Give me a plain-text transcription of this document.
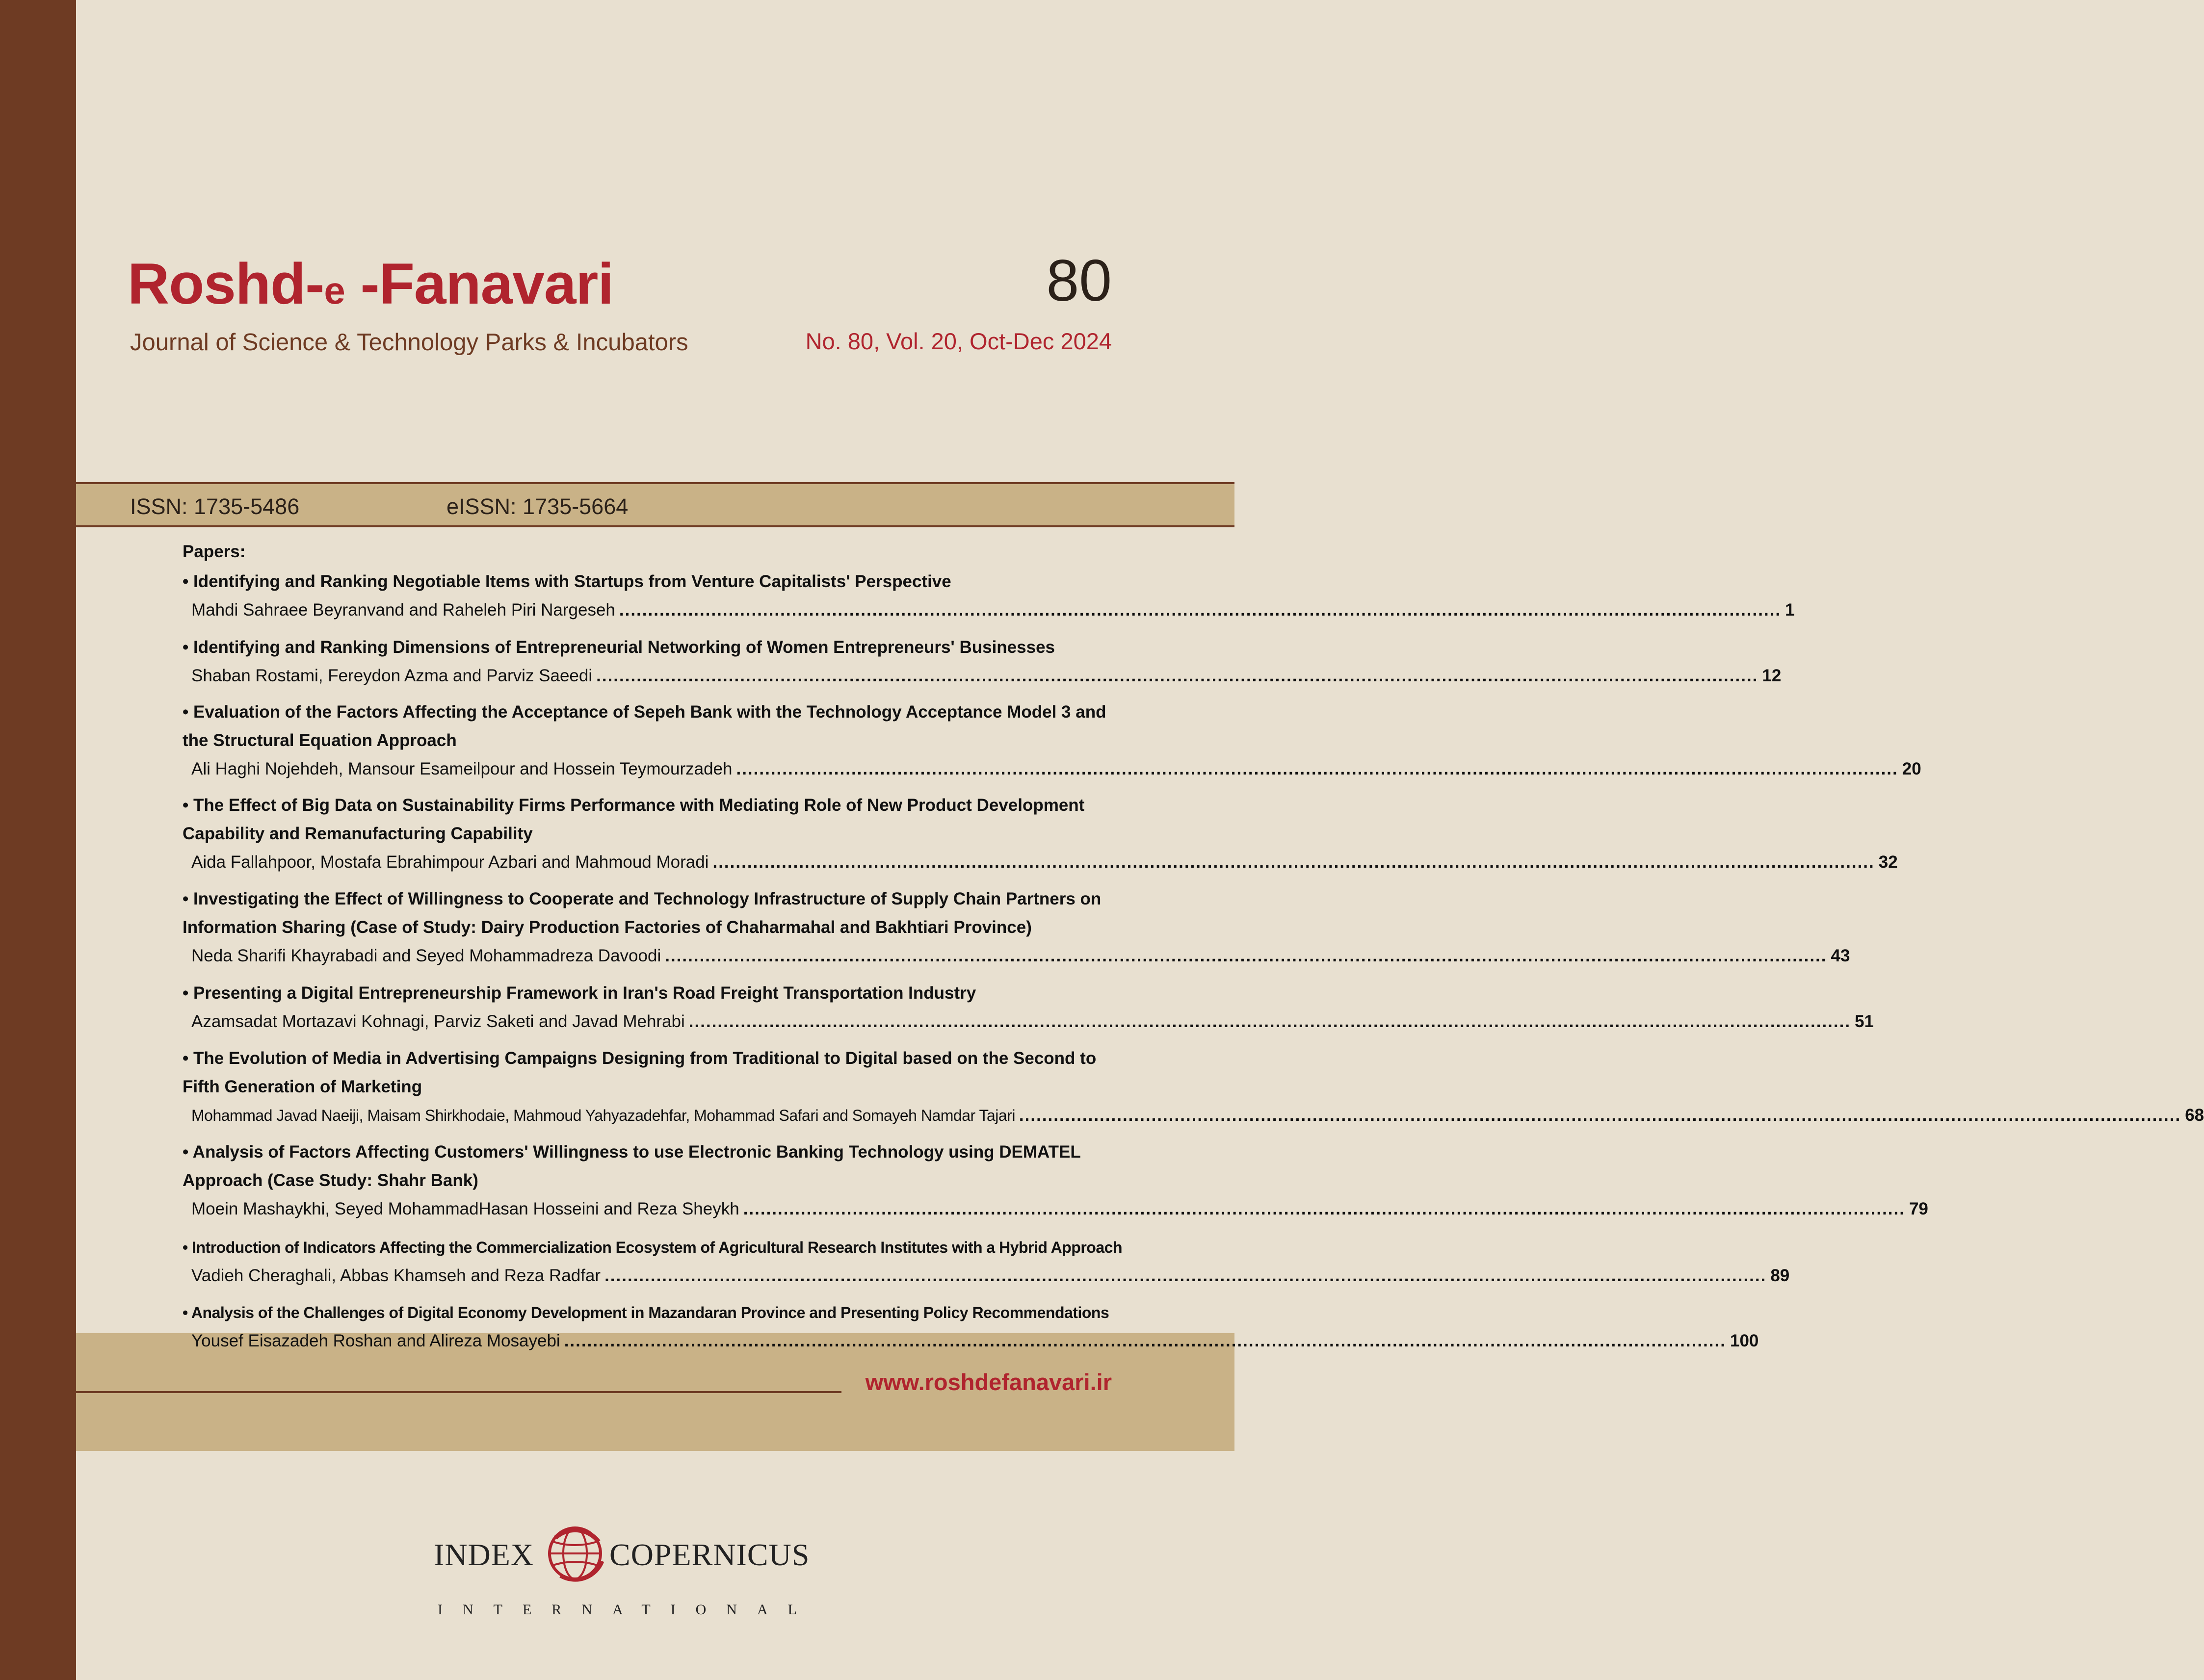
Roshd-e -Fanavari
Journal of Science & Technology Parks & Incubators
80
No. 80, Vol. 20, Oct-Dec 2024
ISSN: 1735-5486	eISSN: 1735-5664
Papers:
• Identifying and Ranking Negotiable Items with Startups from Venture Capitalists' Perspective
Mahdi Sahraee Beyranvand and Raheleh Piri Nargeseh .......................................................................................................................................................................................................... 1
• Identifying and Ranking Dimensions of Entrepreneurial Networking of Women Entrepreneurs' Businesses
Shaban Rostami, Fereydon Azma and Parviz Saeedi .......................................................................................................................................................................................................... 12
• Evaluation of the Factors Affecting the Acceptance of Sepeh Bank with the Technology Acceptance Model 3 and the Structural Equation Approach
Ali Haghi Nojehdeh, Mansour Esameilpour and Hossein Teymourzadeh .......................................................................................................................................................................................................... 20
• The Effect of Big Data on Sustainability Firms Performance with Mediating Role of New Product Development Capability and Remanufacturing Capability
Aida Fallahpoor, Mostafa Ebrahimpour Azbari and Mahmoud Moradi .......................................................................................................................................................................................................... 32
• Investigating the Effect of Willingness to Cooperate and Technology Infrastructure of Supply Chain Partners on Information Sharing (Case of Study: Dairy Production Factories of Chaharmahal and Bakhtiari Province)
Neda Sharifi Khayrabadi and Seyed Mohammadreza Davoodi .......................................................................................................................................................................................................... 43
• Presenting a Digital Entrepreneurship Framework in Iran's Road Freight Transportation Industry
Azamsadat Mortazavi Kohnagi, Parviz Saketi and Javad Mehrabi .......................................................................................................................................................................................................... 51
• The Evolution of Media in Advertising Campaigns Designing from Traditional to Digital based on the Second to Fifth Generation of Marketing
Mohammad Javad Naeiji, Maisam Shirkhodaie, Mahmoud Yahyazadehfar, Mohammad Safari and Somayeh Namdar Tajari .......................................................................................................................................................................................................... 68
• Analysis of Factors Affecting Customers' Willingness to use Electronic Banking Technology using DEMATEL Approach (Case Study: Shahr Bank)
Moein Mashaykhi, Seyed MohammadHasan Hosseini and Reza Sheykh .......................................................................................................................................................................................................... 79
• Introduction of Indicators Affecting the Commercialization Ecosystem of Agricultural Research Institutes with a Hybrid Approach
Vadieh Cheraghali, Abbas Khamseh and Reza Radfar .......................................................................................................................................................................................................... 89
• Analysis of the Challenges of Digital Economy Development in Mazandaran Province and Presenting Policy Recommendations
Yousef Eisazadeh Roshan and Alireza Mosayebi .......................................................................................................................................................................................................... 100
www.roshdefanavari.ir
INDEX COPERNICUS
INTERNATIONAL
